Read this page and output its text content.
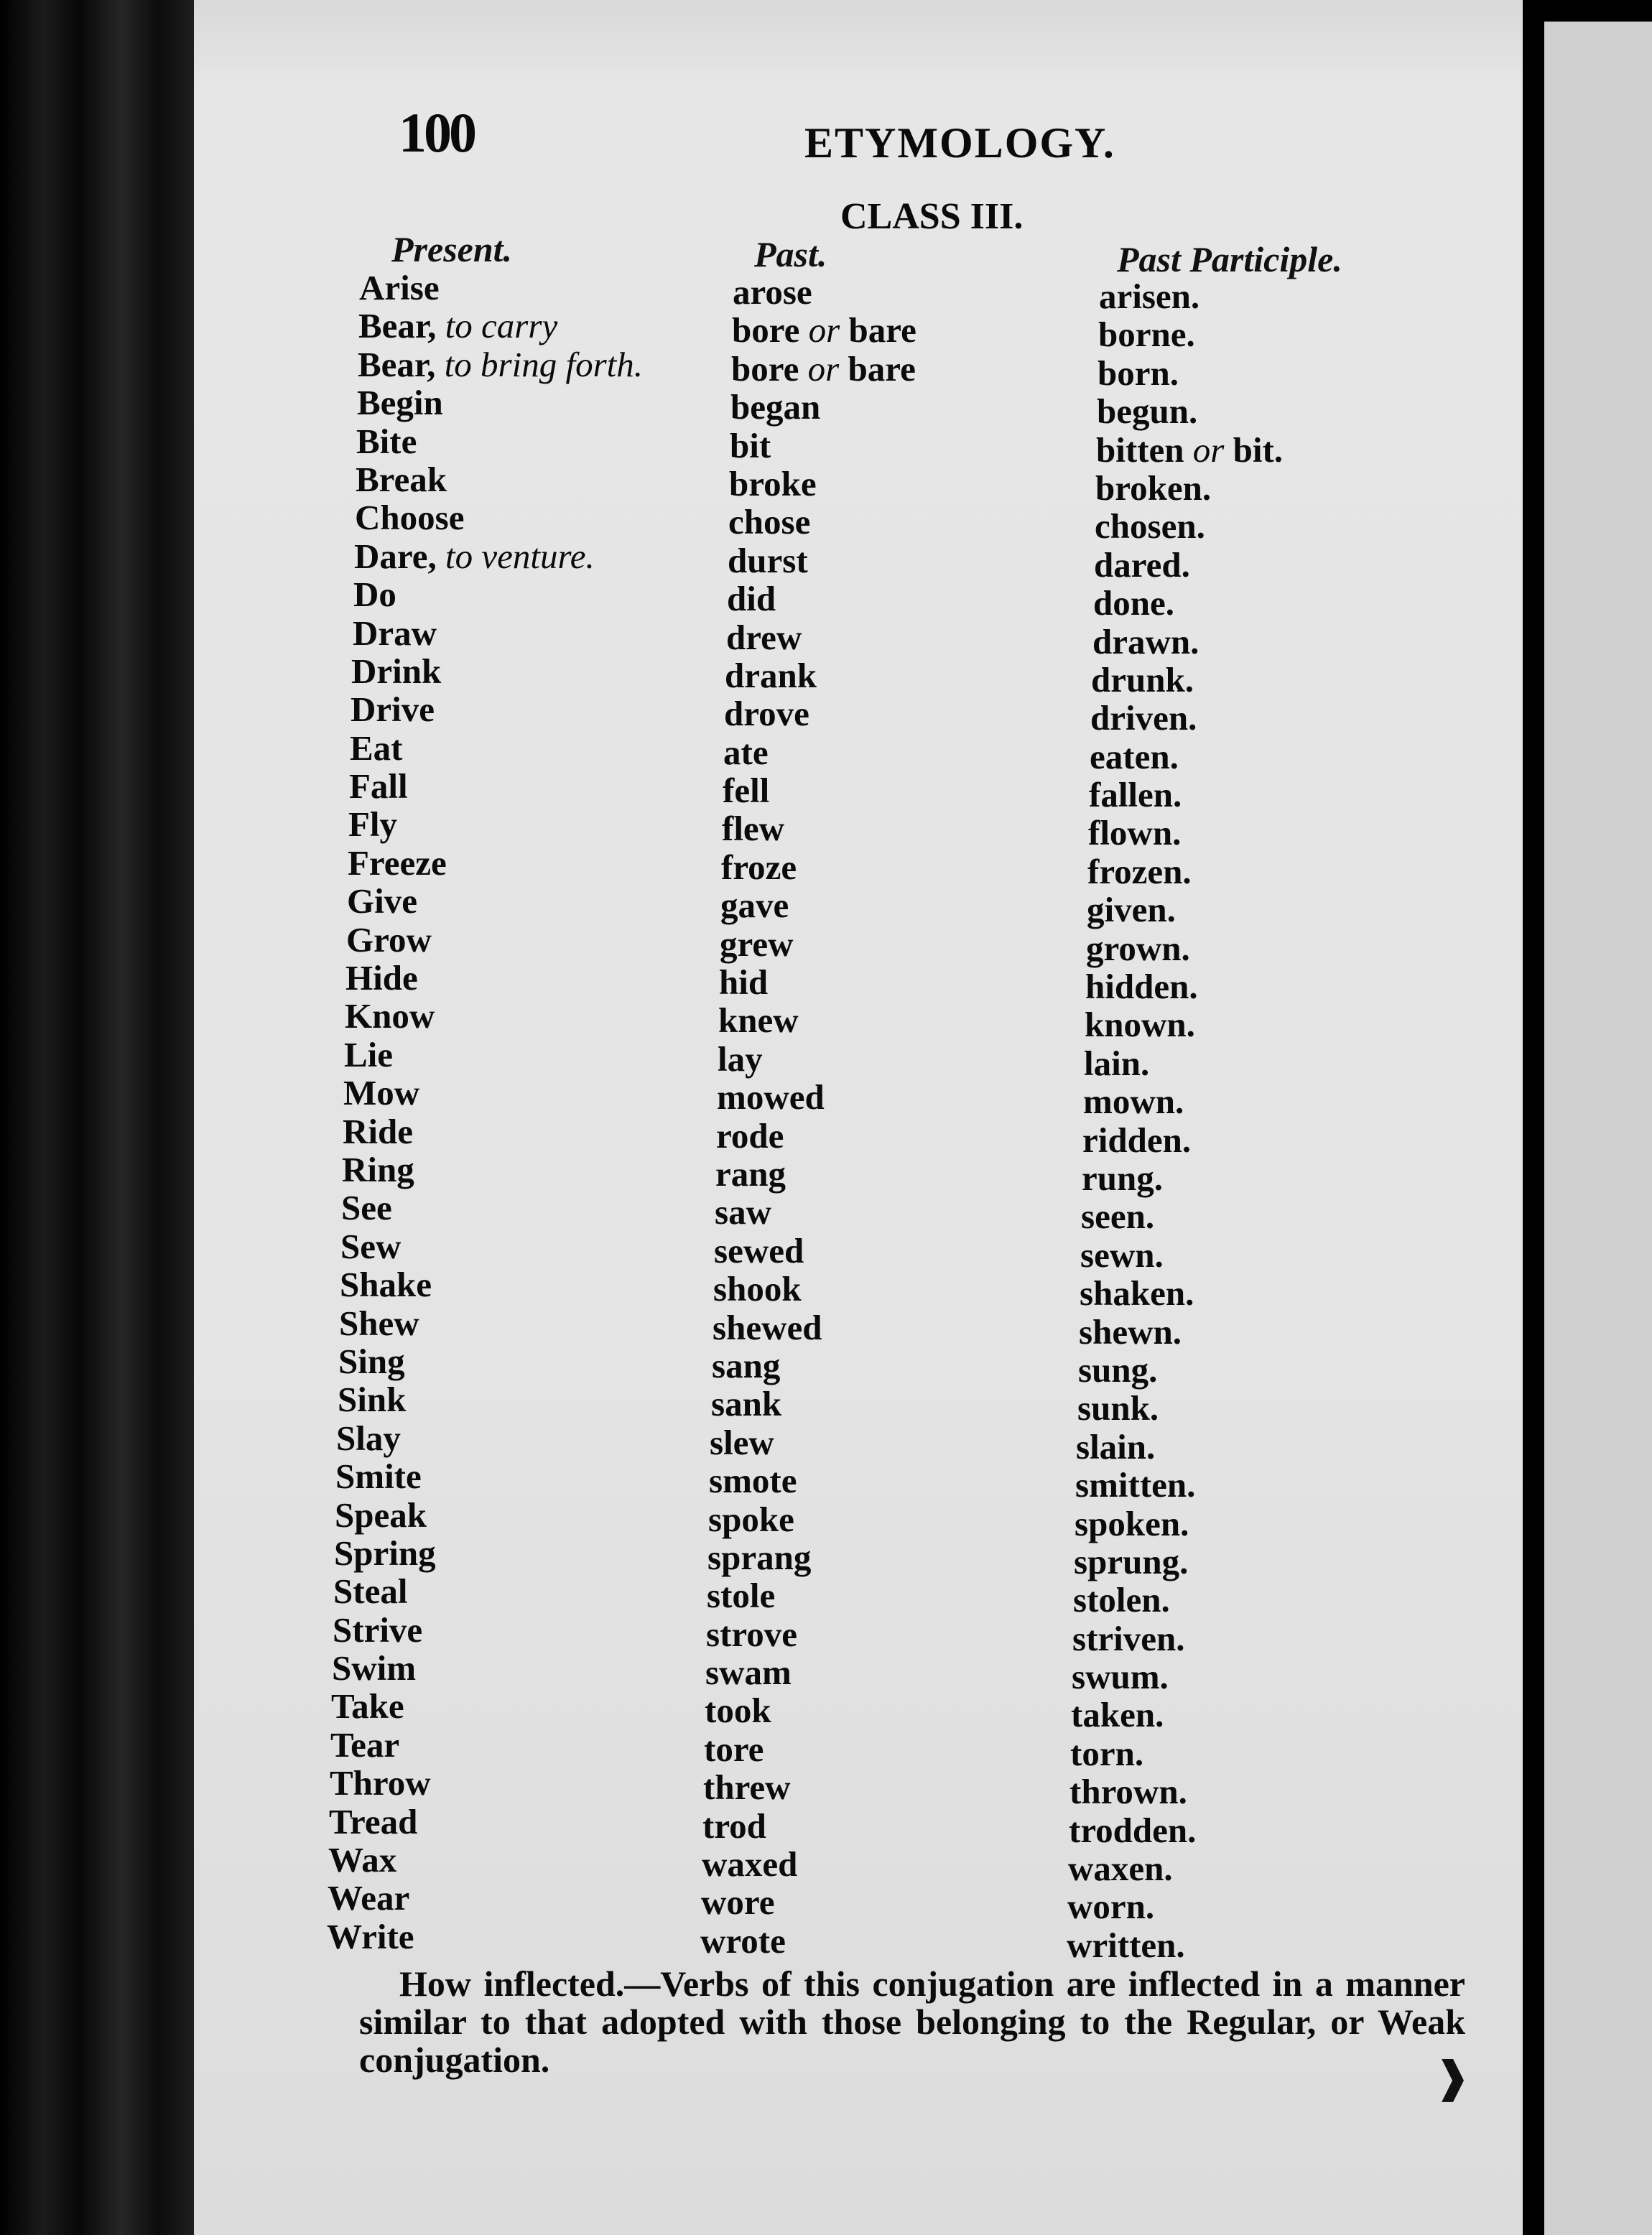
100	ETYMOLOGY.
CLASS III.
Present.	Past.	Past Participle.
Arise	arose	arisen.
Bear, to carry	bore or bare	borne.
Bear, to bring forth.	bore or bare	born.
Begin	began	begun.
Bite	bit	bitten or bit.
Break	broke	broken.
Choose	chose	chosen.
Dare, to venture.	durst	dared.
Do	did	done.
Draw	drew	drawn.
Drink	drank	drunk.
Drive	drove	driven.
Eat	ate	eaten.
Fall	fell	fallen.
Fly	flew	flown.
Freeze	froze	frozen.
Give	gave	given.
Grow	grew	grown.
Hide	hid	hidden.
Know	knew	known.
Lie	lay	lain.
Mow	mowed	mown.
Ride	rode	ridden.
Ring	rang	rung.
See	saw	seen.
Sew	sewed	sewn.
Shake	shook	shaken.
Shew	shewed	shewn.
Sing	sang	sung.
Sink	sank	sunk.
Slay	slew	slain.
Smite	smote	smitten.
Speak	spoke	spoken.
Spring	sprang	sprung.
Steal	stole	stolen.
Strive	strove	striven.
Swim	swam	swum.
Take	took	taken.
Tear	tore	torn.
Throw	threw	thrown.
Tread	trod	trodden.
Wax	waxed	waxen.
Wear	wore	worn.
Write	wrote	written.
How inflected.—Verbs of this conjugation are inflected in a manner similar to that adopted with those belonging to the Regular, or Weak conjugation.	❱
